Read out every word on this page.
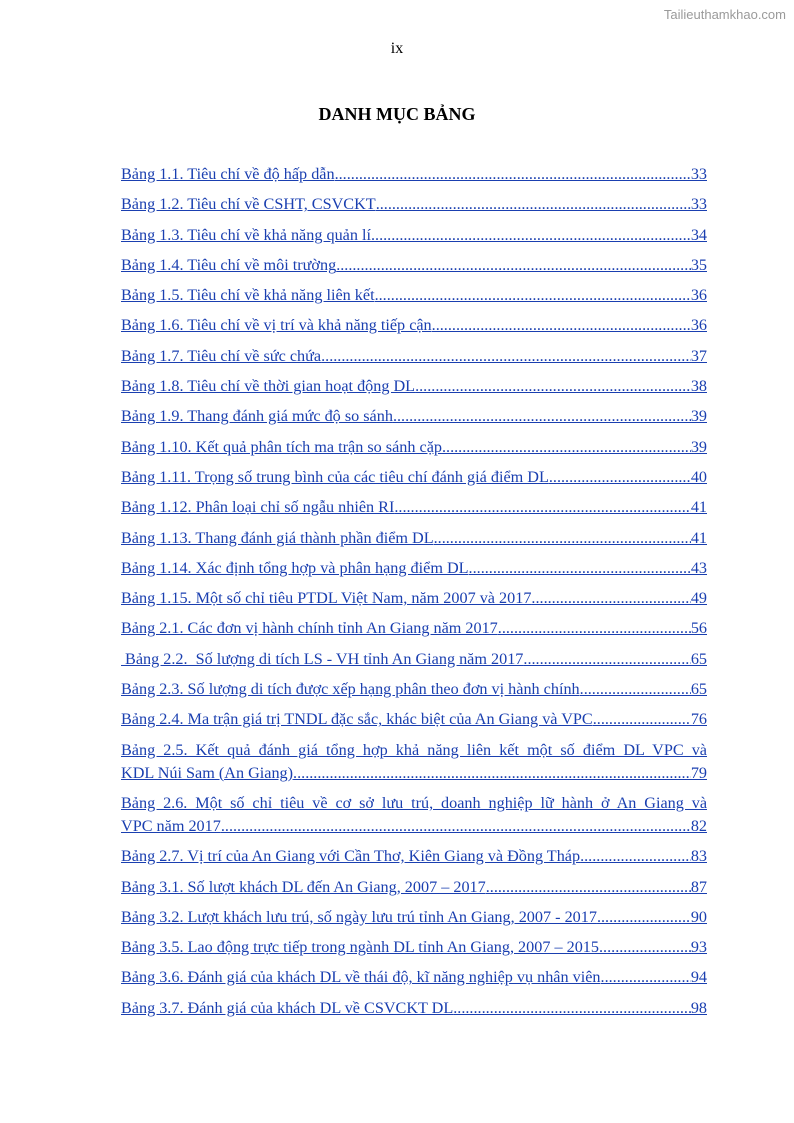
Tailieuthamkhao.com
ix
DANH MỤC BẢNG
Bảng 1.1. Tiêu chí về độ hấp dẫn .....	33
Bảng 1.2. Tiêu chí về CSHT, CSVCKT .....	33
Bảng 1.3. Tiêu chí về khả năng quản lí .....	34
Bảng 1.4. Tiêu chí về môi trường .....	35
Bảng 1.5. Tiêu chí về khả năng liên kết .....	36
Bảng 1.6. Tiêu chí về vị trí và khả năng tiếp cận .....	36
Bảng 1.7. Tiêu chí về sức chứa .....	37
Bảng 1.8. Tiêu chí về thời gian hoạt động DL .....	38
Bảng 1.9. Thang đánh giá mức độ so sánh .....	39
Bảng 1.10. Kết quả phân tích ma trận so sánh cặp .....	39
Bảng 1.11. Trọng số trung bình của các tiêu chí đánh giá điểm DL .....	40
Bảng 1.12. Phân loại chỉ số ngẫu nhiên RI .....	41
Bảng 1.13. Thang đánh giá thành phần điểm DL .....	41
Bảng 1.14. Xác định tổng hợp và phân hạng điểm DL .....	43
Bảng 1.15. Một số chỉ tiêu PTDL Việt Nam, năm 2007 và 2017 .....	49
Bảng 2.1. Các đơn vị hành chính tỉnh An Giang năm 2017 .....	56
Bảng 2.2.  Số lượng di tích LS - VH tỉnh An Giang năm 2017 .....	65
Bảng 2.3. Số lượng di tích được xếp hạng phân theo đơn vị hành chính .....	65
Bảng 2.4. Ma trận giá trị TNDL đặc sắc, khác biệt của An Giang và VPC .....	76
Bảng 2.5. Kết quả đánh giá tổng hợp khả năng liên kết một số điểm DL VPC và
KDL Núi Sam (An Giang) .....	79
Bảng 2.6. Một số chỉ tiêu về cơ sở lưu trú, doanh nghiệp lữ hành ở An Giang và
VPC năm 2017 .....	82
Bảng 2.7. Vị trí của An Giang với Cần Thơ, Kiên Giang và Đồng Tháp .....	83
Bảng 3.1. Số lượt khách DL đến An Giang, 2007 – 2017 .....	87
Bảng 3.2. Lượt khách lưu trú, số ngày lưu trú tỉnh An Giang, 2007 - 2017 .....	90
Bảng 3.5. Lao động trực tiếp trong ngành DL tỉnh An Giang, 2007 – 2015 .....	93
Bảng 3.6. Đánh giá của khách DL về thái độ, kĩ năng nghiệp vụ nhân viên .....	94
Bảng 3.7. Đánh giá của khách DL về CSVCKT DL .....	98
